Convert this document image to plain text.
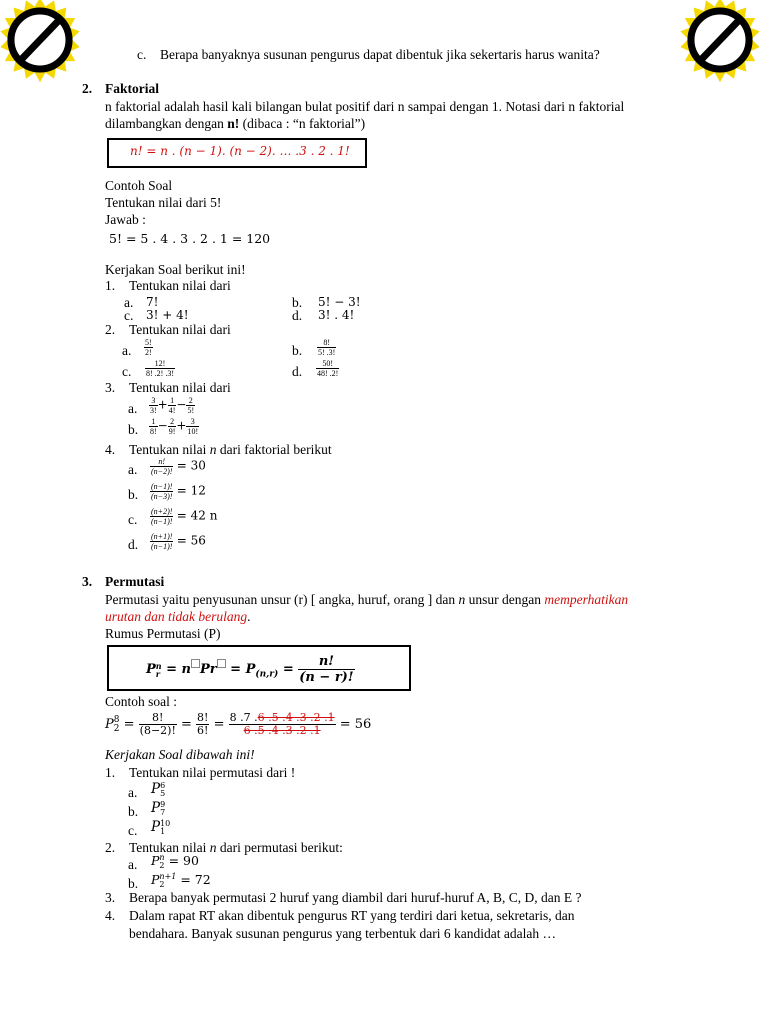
c. Berapa banyaknya susunan pengurus dapat dibentuk jika sekertaris harus wanita?
2. Faktorial
n faktorial adalah hasil kali bilangan bulat positif dari n sampai dengan 1. Notasi dari n faktorial
dilambangkan dengan n! (dibaca : “n faktorial”)
n! = n . (n − 1). (n − 2). … .3 . 2 . 1!
Contoh Soal
Tentukan nilai dari 5!
Jawab :
5! = 5 . 4 . 3 . 2 . 1 = 120
Kerjakan Soal berikut ini!
1. Tentukan nilai dari
a. 7!	b. 5! − 3!
c. 3! + 4!	d. 3! . 4!
2. Tentukan nilai dari
a. $\frac{5!}{2!}$	b. $\frac{8!}{5! .3!}$
c. $\frac{12!}{8! .2! .3!}$	d. $\frac{50!}{48! .2!}$
3. Tentukan nilai dari
a. $\frac{3}{3!} + \frac{1}{4!} - \frac{2}{5!}$
b. $\frac{1}{8!} - \frac{2}{9!} + \frac{3}{10!}$
4. Tentukan nilai n dari faktorial berikut
a. $\frac{n!}{(n-2)!} = 30$
b. $\frac{(n-1)!}{(n-3)!} = 12$
c. $\frac{(n+2)!}{(n-1)!} = 42$ n
d. $\frac{(n+1)!}{(n-1)!} = 56$
3. Permutasi
Permutasi yaitu penyusunan unsur (r) [ angka, huruf, orang ] dan n unsur dengan memperhatikan
urutan dan tidak berulang.
Rumus Permutasi (P)
P n
r = n $Pr = P_{(n,r)} = \frac{n!}{(n - r)!}$
Contoh soal :
P 8
$2 = \frac{8!}{(8-2)!} = \frac{8!}{6!} = \frac{8 .7 .6 .5 .4 .3 .2 .1}{6 .5 .4 .3 .2 .1} = 56$
Kerjakan Soal dibawah ini!
1. Tentukan nilai permutasi dari !
a. P 6
5
b. P 9
7
c. P 10
1
2. Tentukan nilai n dari permutasi berikut:
a. P n
2 = 90
b. P n+1
2	= 72
3. Berapa banyak permutasi 2 huruf yang diambil dari huruf-huruf A, B, C, D, dan E ?
4. Dalam rapat RT akan dibentuk pengurus RT yang terdiri dari ketua, sekretaris, dan
bendahara. Banyak susunan pengurus yang terbentuk dari 6 kandidat adalah …
